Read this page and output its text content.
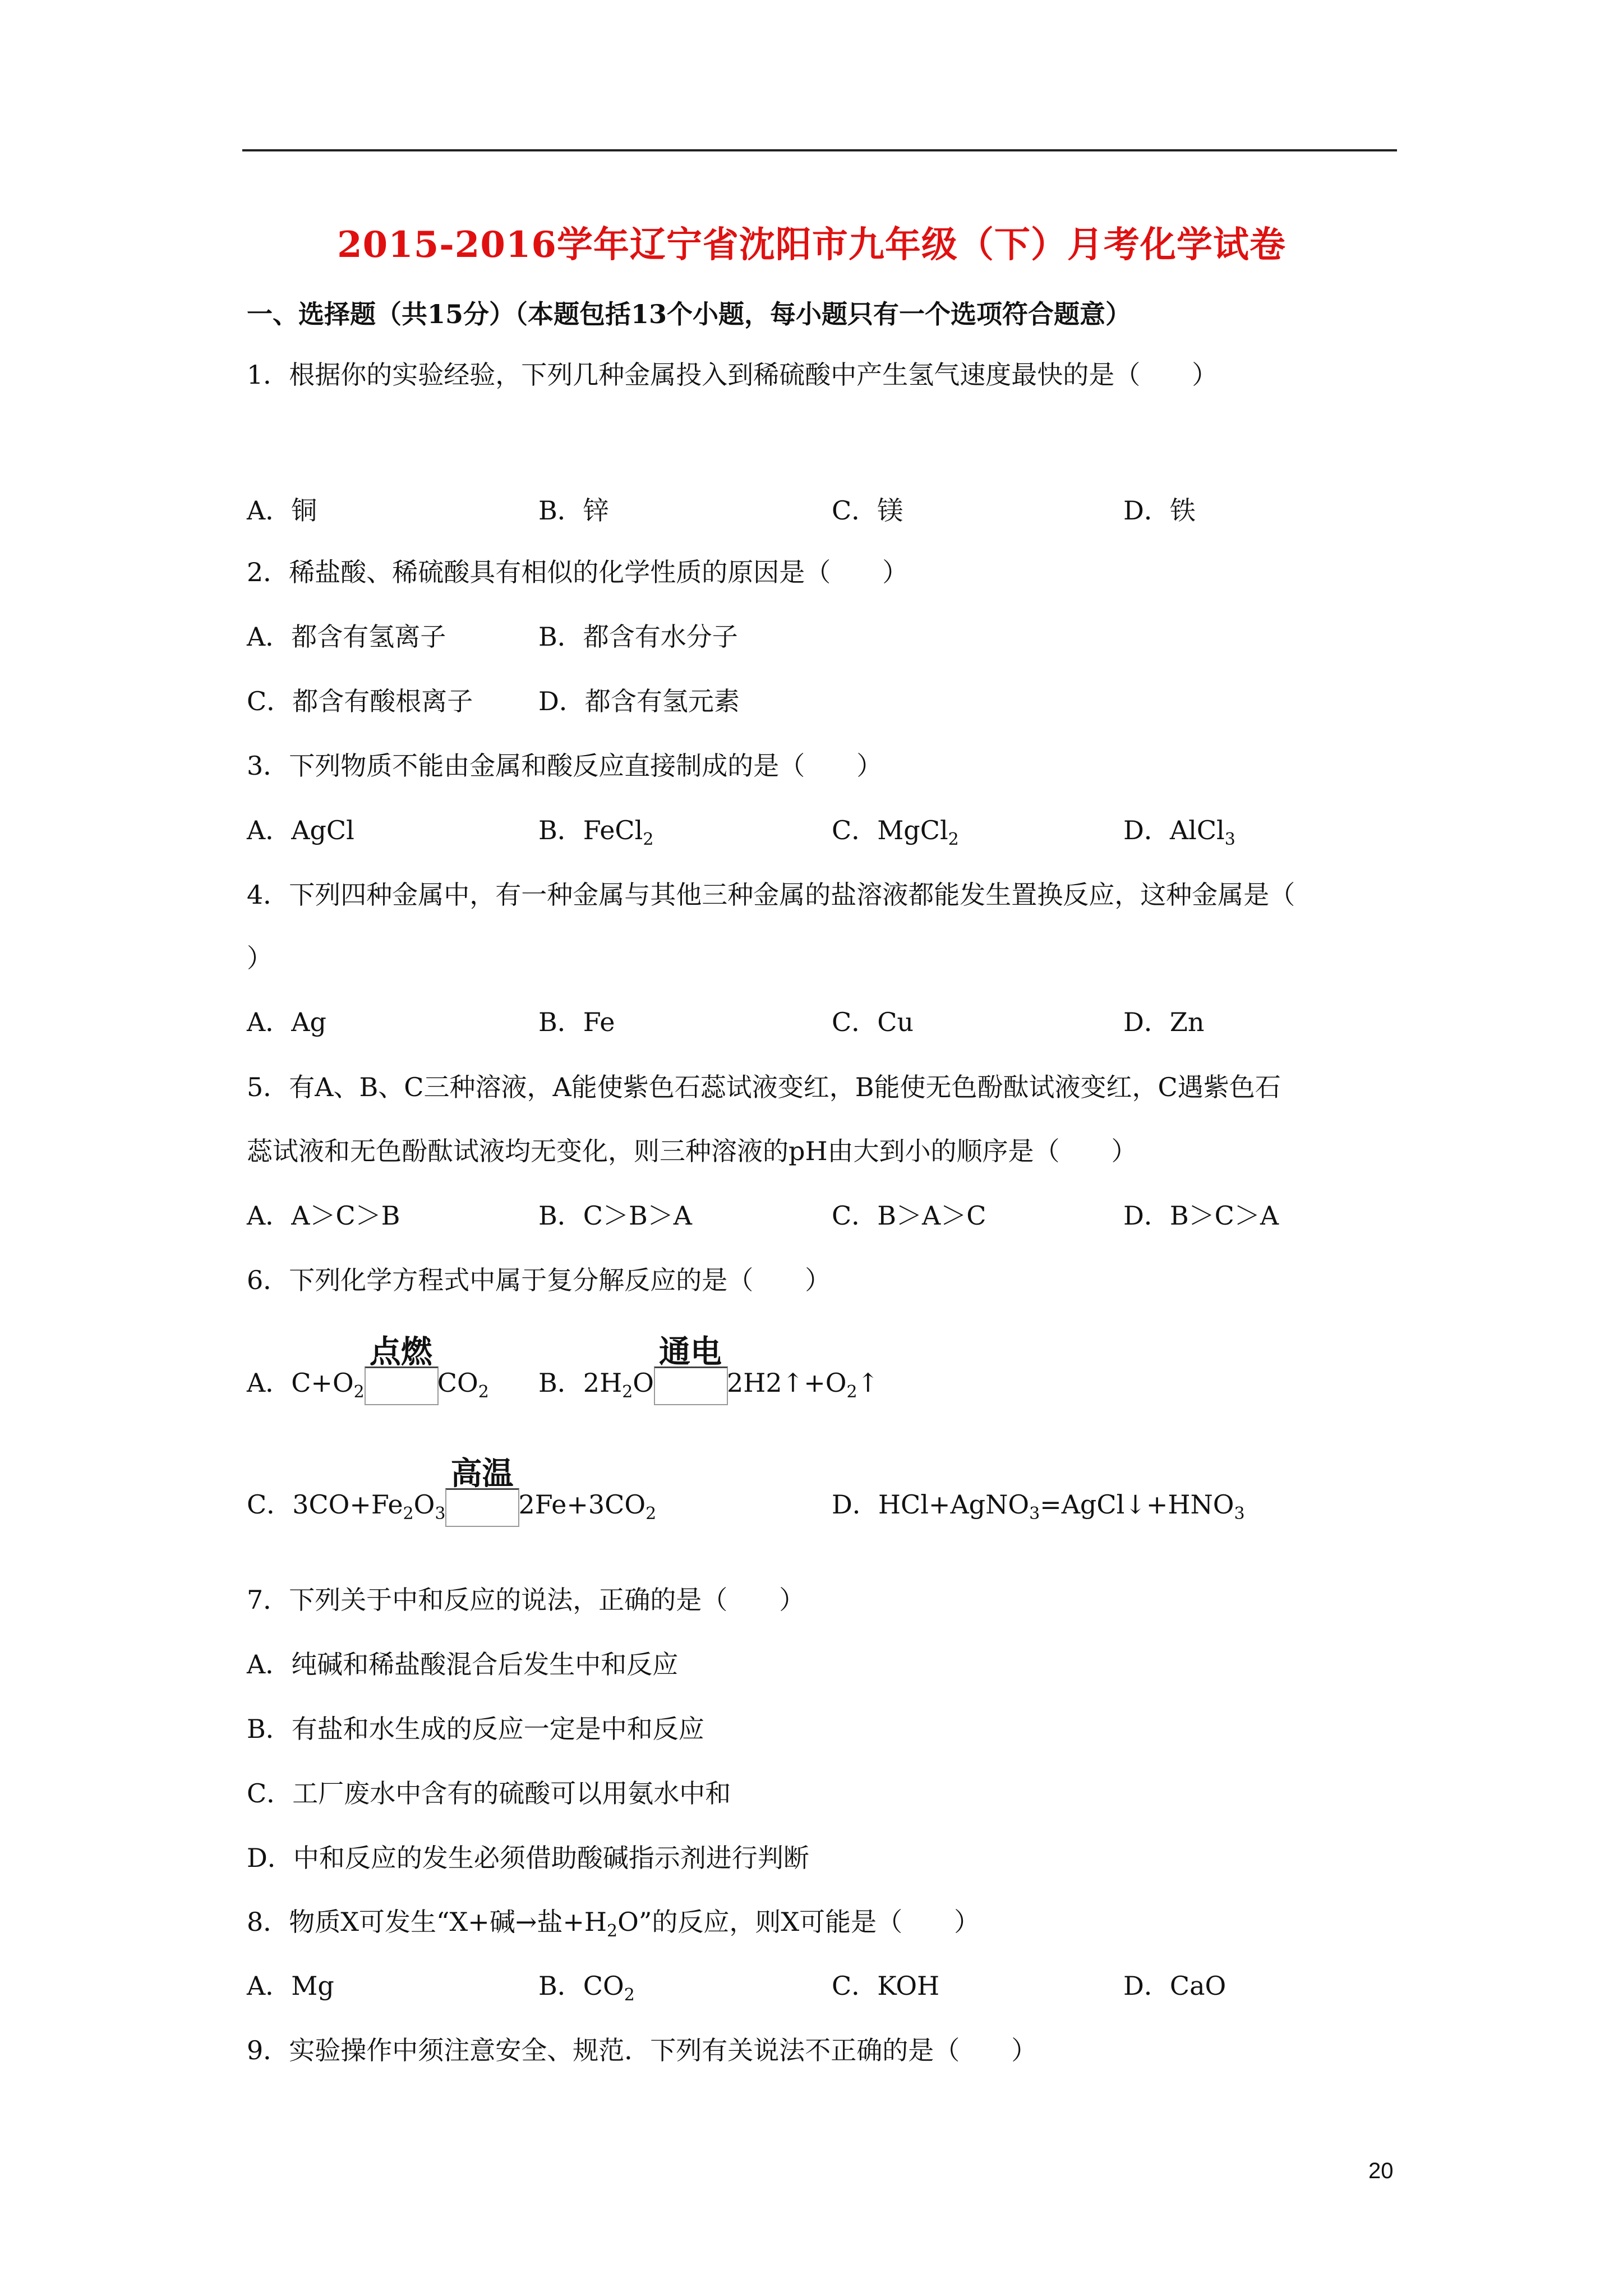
2015-2016学年辽宁省沈阳市九年级（下）月考化学试卷
一、选择题（共15分）（本题包括13个小题，每小题只有一个选项符合题意）
1．根据你的实验经验，下列几种金属投入到稀硫酸中产生氢气速度最快的是（　　）
A．铜	B．锌	C．镁	D．铁
2．稀盐酸、稀硫酸具有相似的化学性质的原因是（　　）
A．都含有氢离子	B．都含有水分子
C．都含有酸根离子	D．都含有氢元素
3．下列物质不能由金属和酸反应直接制成的是（　　）
A．AgCl	B．FeCl$_2$	C．MgCl$_2$	D．AlCl$_3$
4．下列四种金属中，有一种金属与其他三种金属的盐溶液都能发生置换反应，这种金属是（
）
A．Ag	B．Fe	C．Cu	D．Zn
5．有A、B、C三种溶液，A能使紫色石蕊试液变红，B能使无色酚酞试液变红，C遇紫色石
蕊试液和无色酚酞试液均无变化，则三种溶液的pH由大到小的顺序是（　　）
A．A＞C＞B	B．C＞B＞A	C．B＞A＞C	D．B＞C＞A
6．下列化学方程式中属于复分解反应的是（　　）
A．$C+O_2$
点燃
$CO_2$ B．$2H_2O$
通电
$2H2↑+O_2↑$
C．$3CO+Fe_2O_3$
高温
$2Fe+3CO_2$	D．$HCl+AgNO_3=AgCl↓+HNO_3$
7．下列关于中和反应的说法，正确的是（　　）
A．纯碱和稀盐酸混合后发生中和反应
B．有盐和水生成的反应一定是中和反应
C．工厂废水中含有的硫酸可以用氨水中和
D．中和反应的发生必须借助酸碱指示剂进行判断
8．物质X可发生“X+碱→盐$+H_2O$”的反应，则X可能是（　　）
A．Mg	B．$CO_2$	C．KOH	D．CaO
9．实验操作中须注意安全、规范．下列有关说法不正确的是（　　）
20
